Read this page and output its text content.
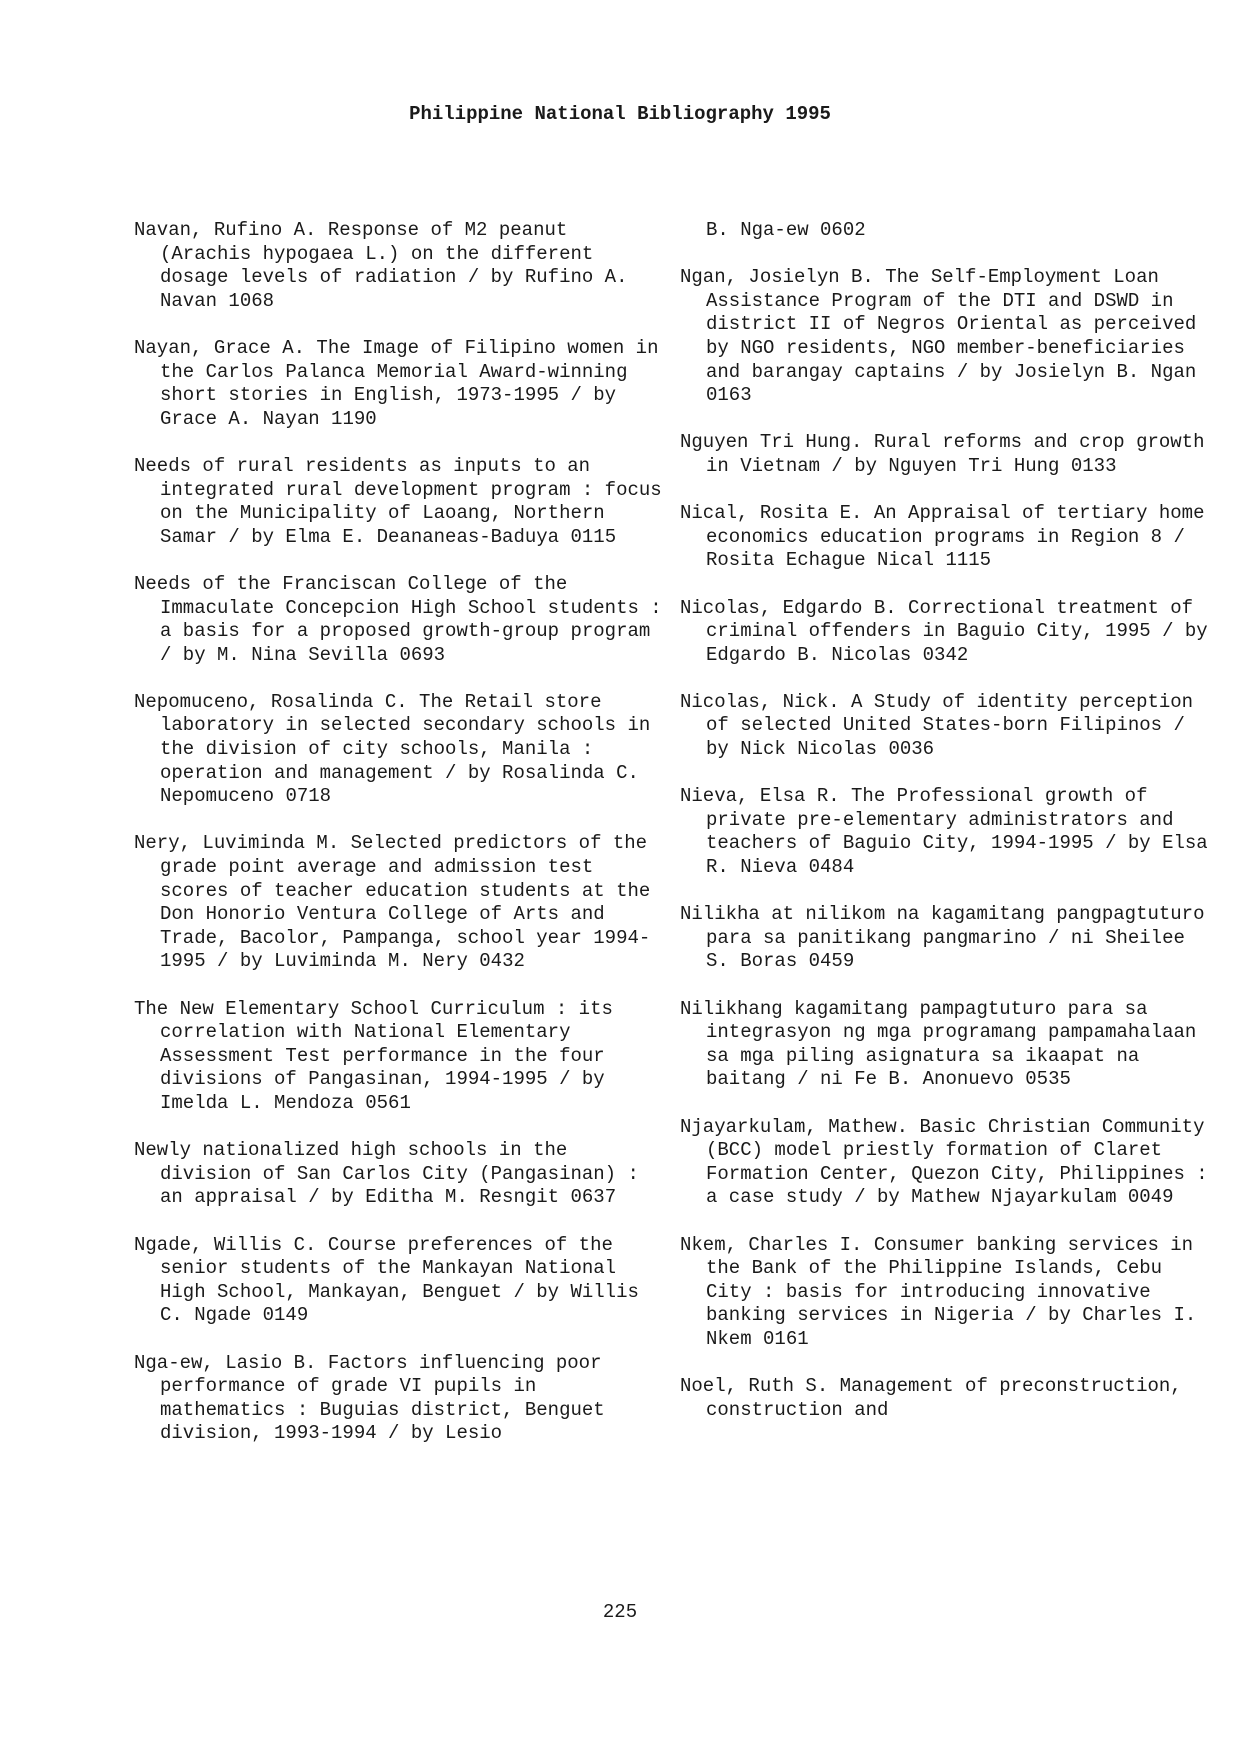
Philippine National Bibliography 1995

Navan, Rufino A. Response of M2 peanut (Arachis hypogaea L.) on the different dosage levels of radiation / by Rufino A. Navan 1068

Nayan, Grace A. The Image of Filipino women in the Carlos Palanca Memorial Award-winning short stories in English, 1973-1995 / by Grace A. Nayan 1190

Needs of rural residents as inputs to an integrated rural development program : focus on the Municipality of Laoang, Northern Samar / by Elma E. Deananeas-Baduya 0115

Needs of the Franciscan College of the Immaculate Concepcion High School students : a basis for a proposed growth-group program / by M. Nina Sevilla 0693

Nepomuceno, Rosalinda C. The Retail store laboratory in selected secondary schools in the division of city schools, Manila : operation and management / by Rosalinda C. Nepomuceno 0718

Nery, Luviminda M. Selected predictors of the grade point average and admission test scores of teacher education students at the Don Honorio Ventura College of Arts and Trade, Bacolor, Pampanga, school year 1994-1995 / by Luviminda M. Nery 0432

The New Elementary School Curriculum : its correlation with National Elementary Assessment Test performance in the four divisions of Pangasinan, 1994-1995 / by Imelda L. Mendoza 0561

Newly nationalized high schools in the division of San Carlos City (Pangasinan) : an appraisal / by Editha M. Resngit 0637

Ngade, Willis C. Course preferences of the senior students of the Mankayan National High School, Mankayan, Benguet / by Willis C. Ngade 0149

Nga-ew, Lasio B. Factors influencing poor performance of grade VI pupils in mathematics : Buguias district, Benguet division, 1993-1994 / by Lesio

B. Nga-ew 0602

Ngan, Josielyn B. The Self-Employment Loan Assistance Program of the DTI and DSWD in district II of Negros Oriental as perceived by NGO residents, NGO member-beneficiaries and barangay captains / by Josielyn B. Ngan 0163

Nguyen Tri Hung. Rural reforms and crop growth in Vietnam / by Nguyen Tri Hung 0133

Nical, Rosita E. An Appraisal of tertiary home economics education programs in Region 8 / Rosita Echague Nical 1115

Nicolas, Edgardo B. Correctional treatment of criminal offenders in Baguio City, 1995 / by Edgardo B. Nicolas 0342

Nicolas, Nick. A Study of identity perception of selected United States-born Filipinos / by Nick Nicolas 0036

Nieva, Elsa R. The Professional growth of private pre-elementary administrators and teachers of Baguio City, 1994-1995 / by Elsa R. Nieva 0484

Nilikha at nilikom na kagamitang pangpagtuturo para sa panitikang pangmarino / ni Sheilee S. Boras 0459

Nilikhang kagamitang pampagtuturo para sa integrasyon ng mga programang pampamahalaan sa mga piling asignatura sa ikaapat na baitang / ni Fe B. Anonuevo 0535

Njayarkulam, Mathew. Basic Christian Community (BCC) model priestly formation of Claret Formation Center, Quezon City, Philippines : a case study / by Mathew Njayarkulam 0049

Nkem, Charles I. Consumer banking services in the Bank of the Philippine Islands, Cebu City : basis for introducing innovative banking services in Nigeria / by Charles I. Nkem 0161

Noel, Ruth S. Management of preconstruction, construction and

225
